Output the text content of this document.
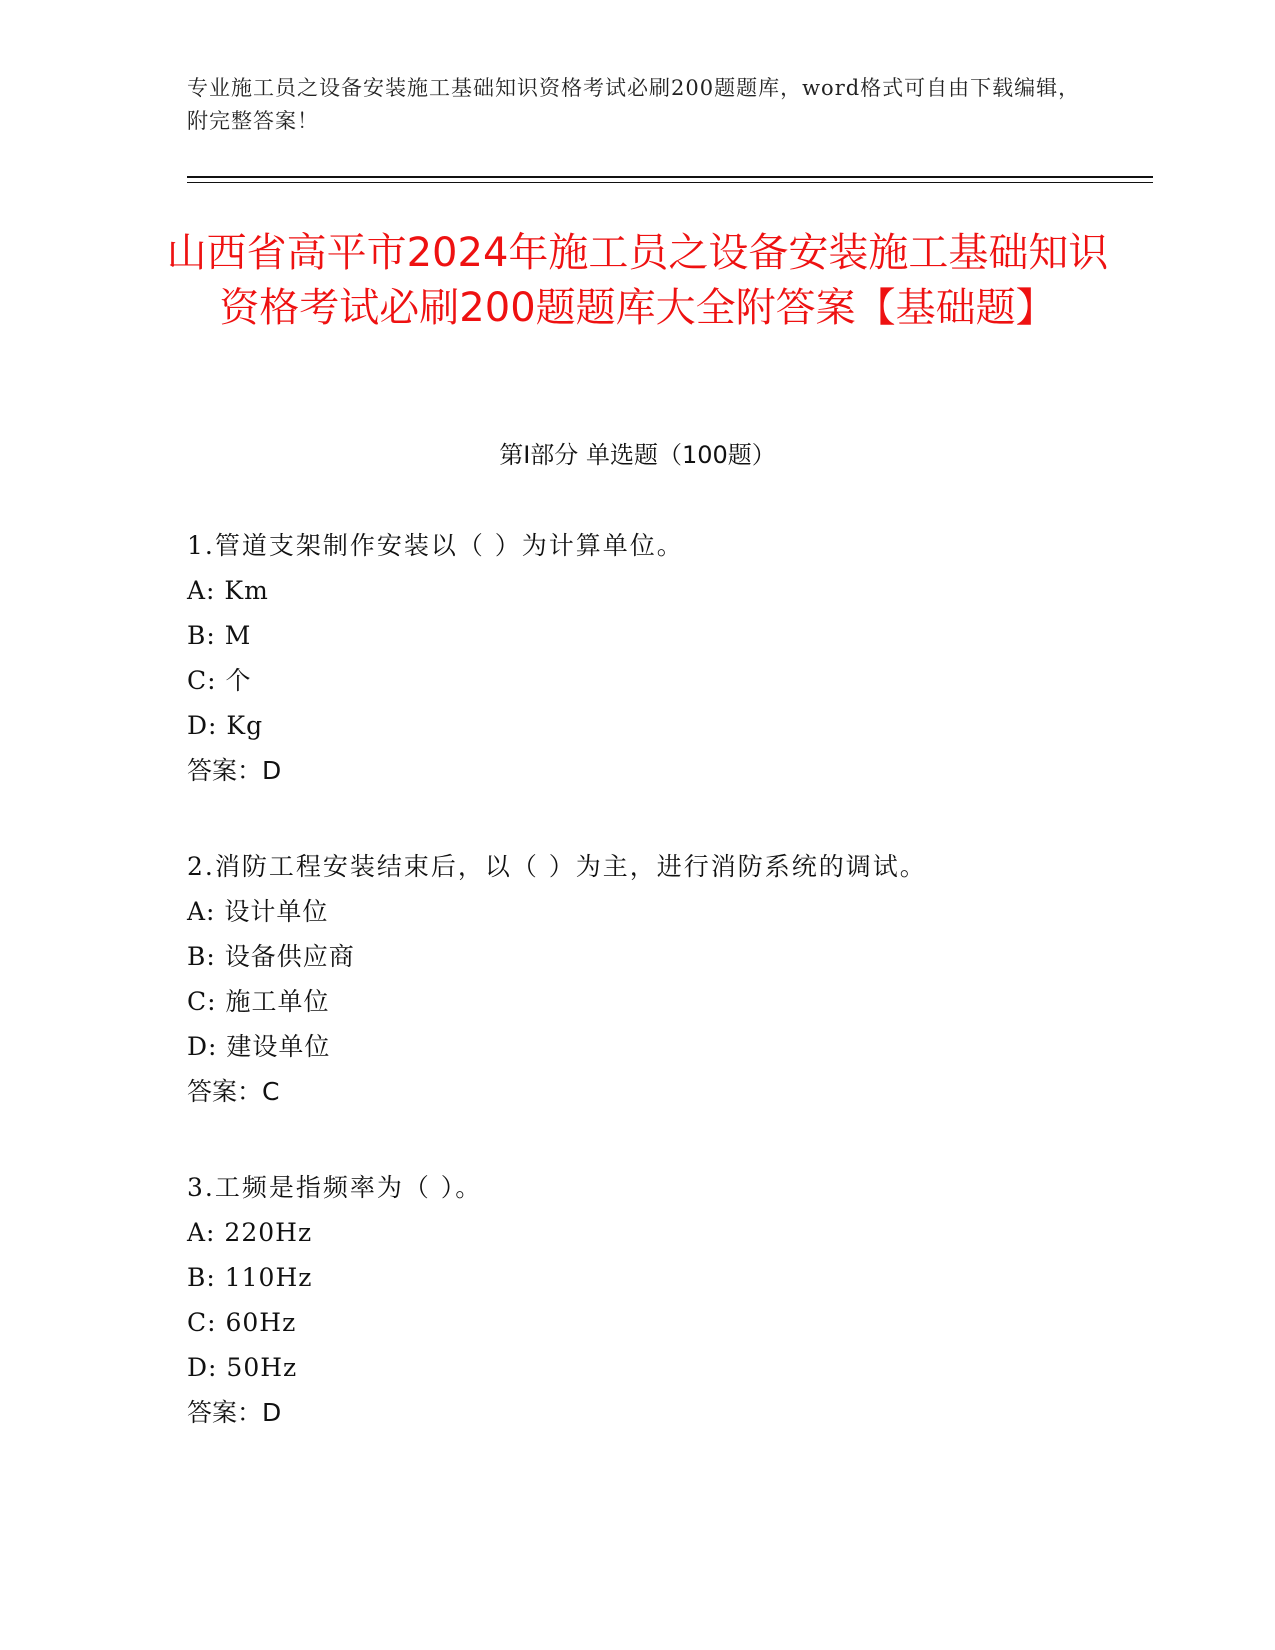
专业施工员之设备安装施工基础知识资格考试必刷200题题库，word格式可自由下载编辑，附完整答案！
山西省高平市2024年施工员之设备安装施工基础知识资格考试必刷200题题库大全附答案【基础题】
第I部分 单选题（100题）
1.管道支架制作安装以（ ）为计算单位。
A: Km
B: M
C: 个
D: Kg
答案：D
2.消防工程安装结束后，以（ ）为主，进行消防系统的调试。
A: 设计单位
B: 设备供应商
C: 施工单位
D: 建设单位
答案：C
3.工频是指频率为（ ）。
A: 220Hz
B: 110Hz
C: 60Hz
D: 50Hz
答案：D
